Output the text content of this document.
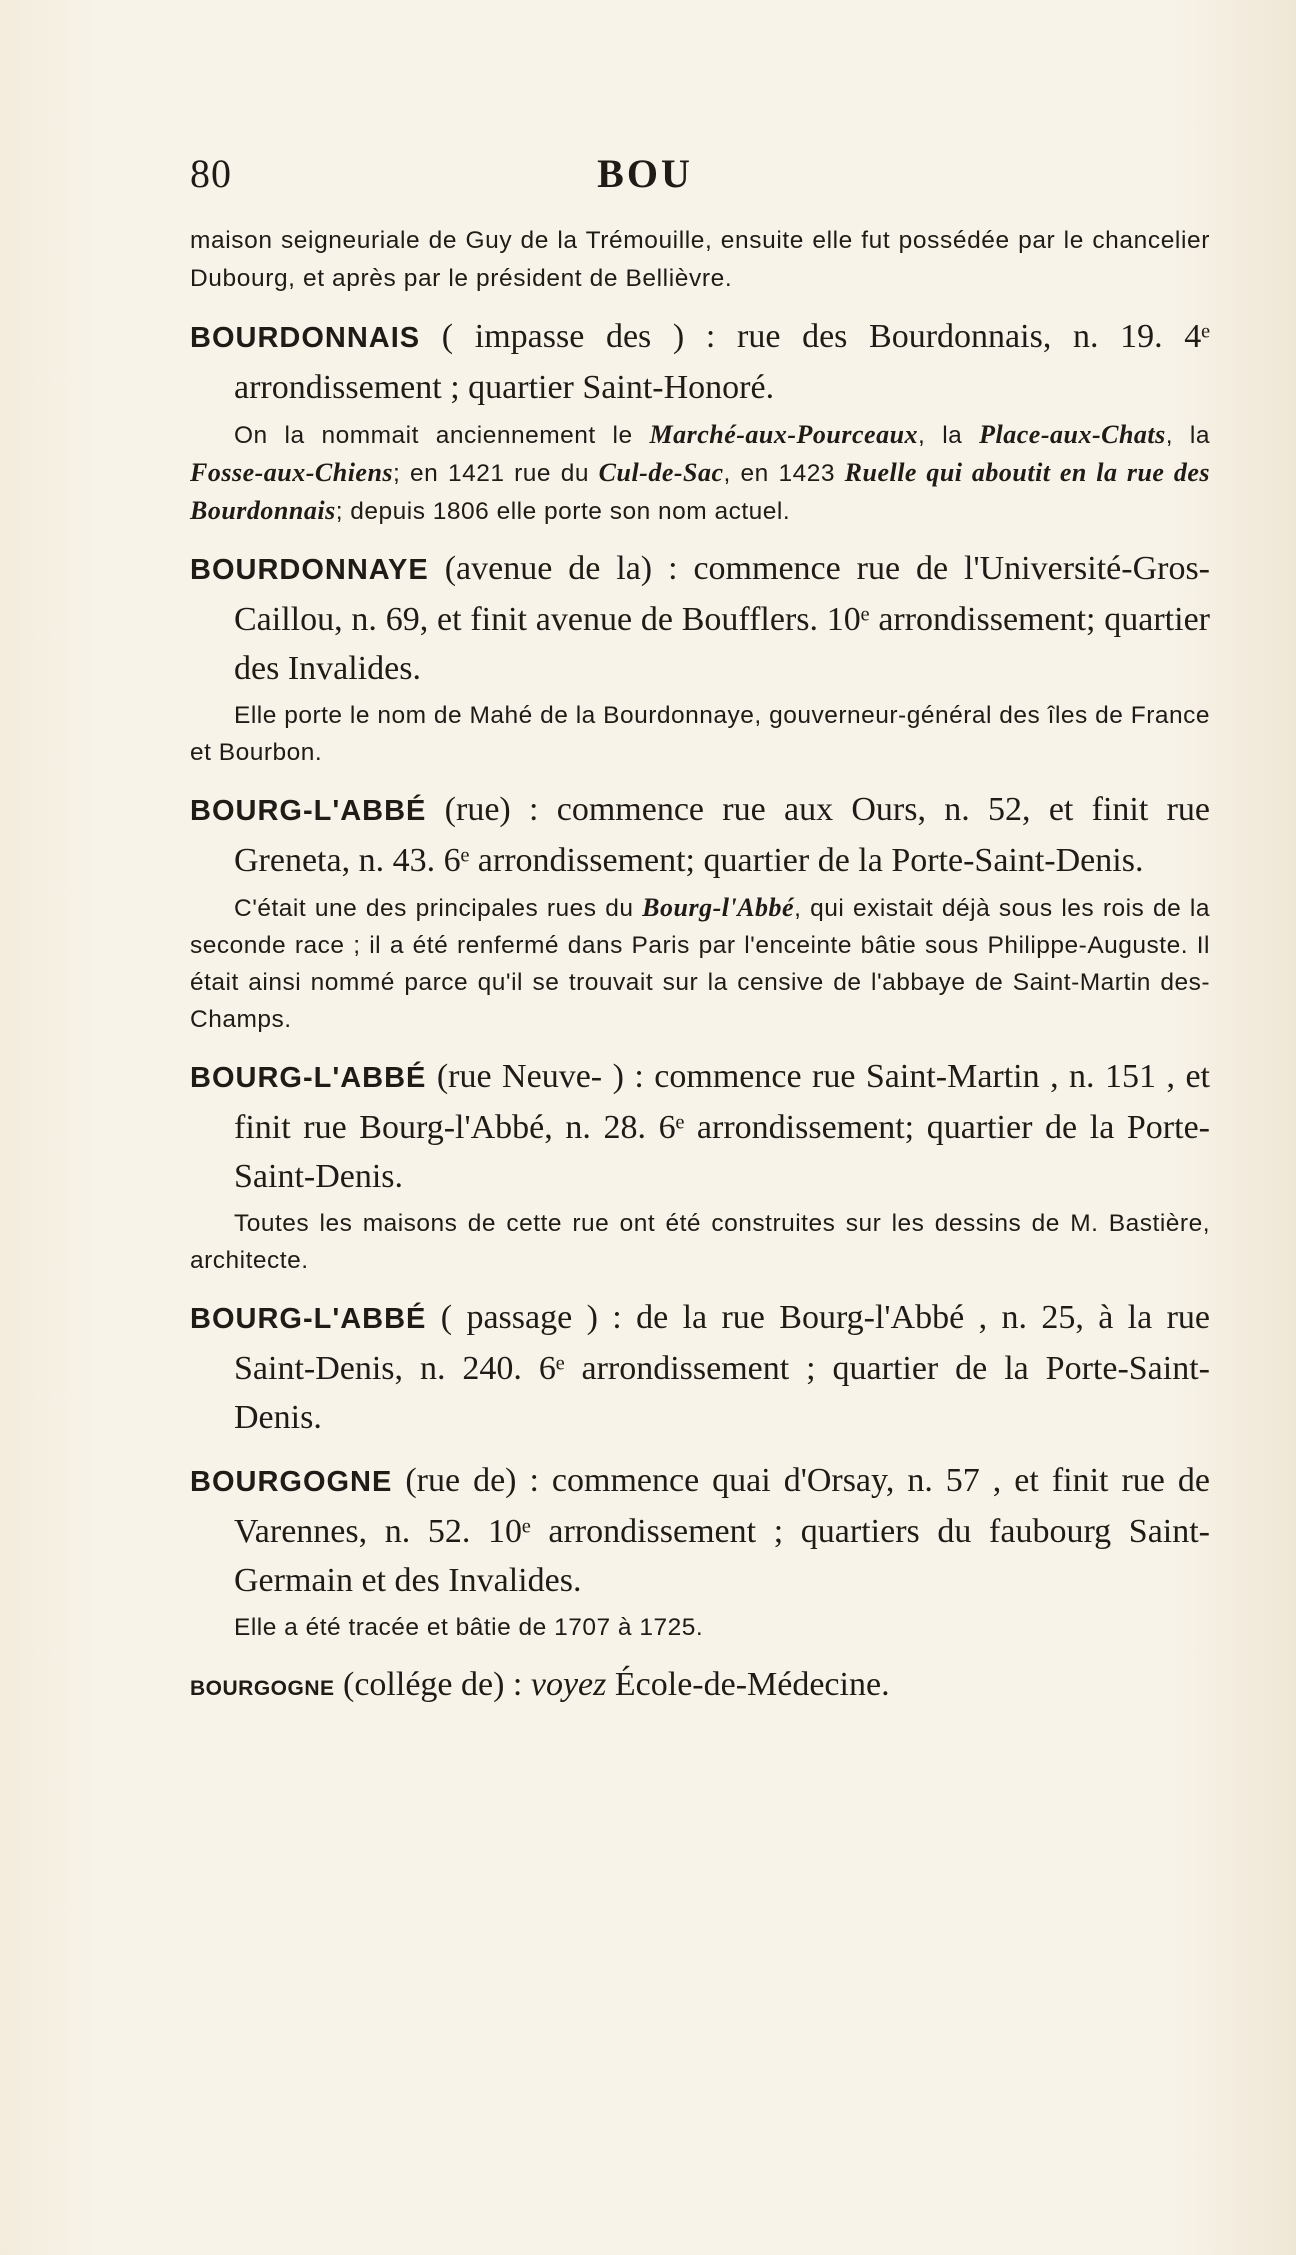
80	BOU

maison seigneuriale de Guy de la Trémouille, ensuite elle fut possédée par le chancelier Dubourg, et après par le président de Bellièvre.

BOURDONNAIS ( impasse des ) : rue des Bourdonnais, n. 19. 4ᵉ arrondissement ; quartier Saint-Honoré.

On la nommait anciennement le Marché-aux-Pourceaux, la Place-aux-Chats, la Fosse-aux-Chiens; en 1421 rue du Cul-de-Sac, en 1423 Ruelle qui aboutit en la rue des Bourdonnais; depuis 1806 elle porte son nom actuel.

BOURDONNAYE (avenue de la) : commence rue de l'Université-Gros-Caillou, n. 69, et finit avenue de Boufflers. 10ᵉ arrondissement; quartier des Invalides.

Elle porte le nom de Mahé de la Bourdonnaye, gouverneur-général des îles de France et Bourbon.

BOURG-L'ABBÉ (rue) : commence rue aux Ours, n. 52, et finit rue Greneta, n. 43. 6ᵉ arrondissement; quartier de la Porte-Saint-Denis.

C'était une des principales rues du Bourg-l'Abbé, qui existait déjà sous les rois de la seconde race ; il a été renfermé dans Paris par l'enceinte bâtie sous Philippe-Auguste. Il était ainsi nommé parce qu'il se trouvait sur la censive de l'abbaye de Saint-Martin des-Champs.

BOURG-L'ABBÉ (rue Neuve- ) : commence rue Saint-Martin , n. 151 , et finit rue Bourg-l'Abbé, n. 28. 6ᵉ arrondissement; quartier de la Porte-Saint-Denis.

Toutes les maisons de cette rue ont été construites sur les dessins de M. Bastière, architecte.

BOURG-L'ABBÉ ( passage ) : de la rue Bourg-l'Abbé , n. 25, à la rue Saint-Denis, n. 240. 6ᵉ arrondissement ; quartier de la Porte-Saint-Denis.

BOURGOGNE (rue de) : commence quai d'Orsay, n. 57 , et finit rue de Varennes, n. 52. 10ᵉ arrondissement ; quartiers du faubourg Saint-Germain et des Invalides.

Elle a été tracée et bâtie de 1707 à 1725.

BOURGOGNE (collége de) : voyez École-de-Médecine.
